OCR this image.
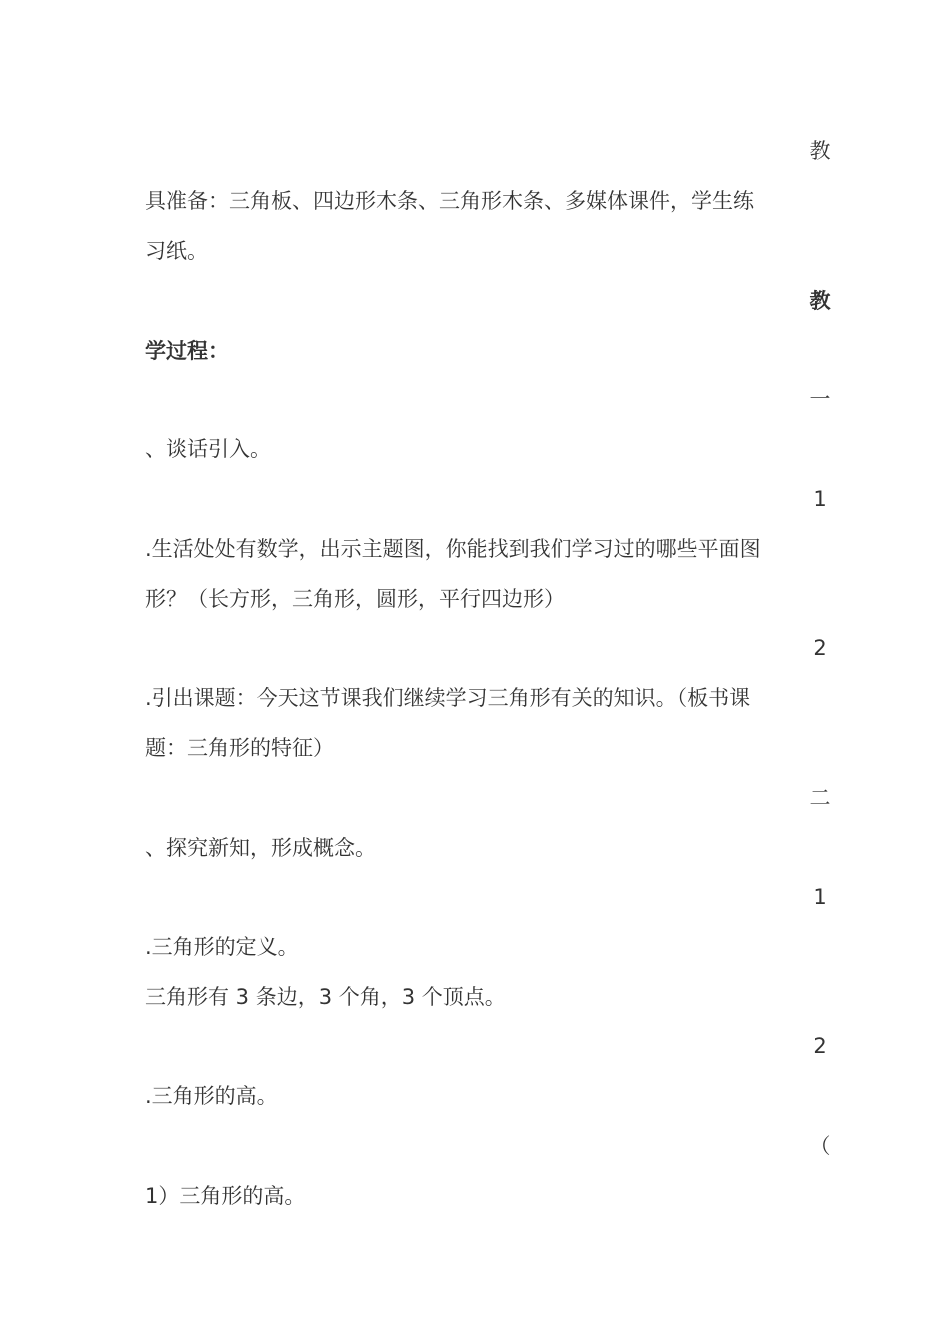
教
具准备：三角板、四边形木条、三角形木条、多媒体课件，学生练
习纸。
教
学过程：
一
、谈话引入。
1
.生活处处有数学，出示主题图，你能找到我们学习过的哪些平面图
形？（长方形，三角形，圆形，平行四边形）
2
.引出课题：今天这节课我们继续学习三角形有关的知识。（板书课
题：三角形的特征）
二
、探究新知，形成概念。
1
.三角形的定义。
三角形有 3 条边，3 个角，3 个顶点。
2
.三角形的高。
（
1）三角形的高。
